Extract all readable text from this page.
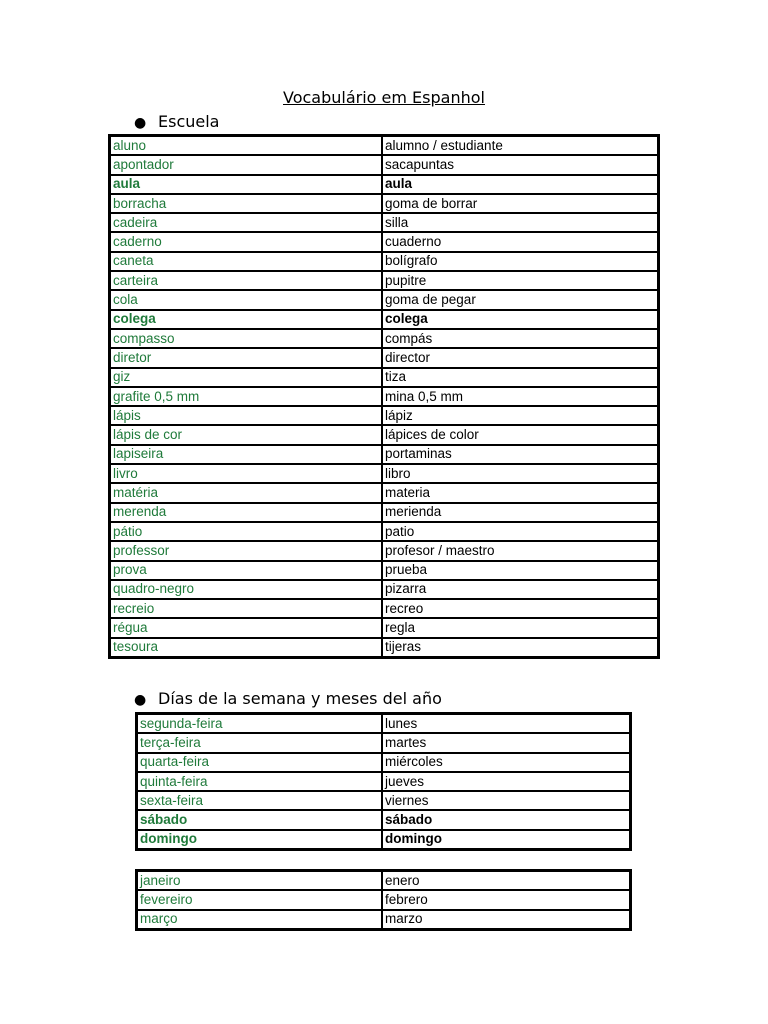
Vocabulário em Espanhol
● Escuela
aluno	alumno / estudiante
apontador	sacapuntas
aula	aula
borracha	goma de borrar
cadeira	silla
caderno	cuaderno
caneta	bolígrafo
carteira	pupitre
cola	goma de pegar
colega	colega
compasso	compás
diretor	director
giz	tiza
grafite 0,5 mm	mina 0,5 mm
lápis	lápiz
lápis de cor	lápices de color
lapiseira	portaminas
livro	libro
matéria	materia
merenda	merienda
pátio	patio
professor	profesor / maestro
prova	prueba
quadro-negro	pizarra
recreio	recreo
régua	regla
tesoura	tijeras
● Días de la semana y meses del año
segunda-feira	lunes
terça-feira	martes
quarta-feira	miércoles
quinta-feira	jueves
sexta-feira	viernes
sábado	sábado
domingo	domingo
janeiro	enero
fevereiro	febrero
março	marzo
